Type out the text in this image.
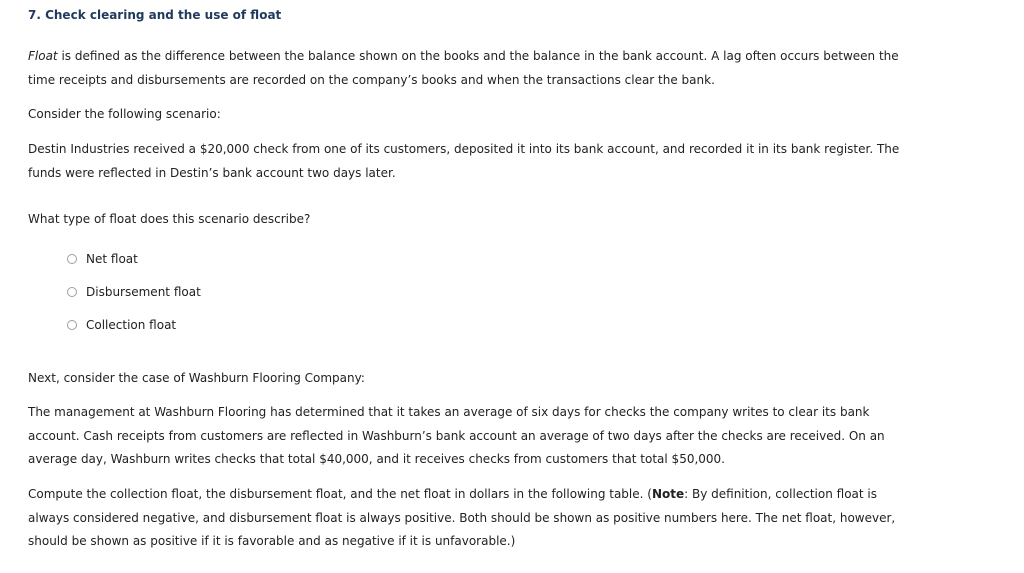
7. Check clearing and the use of float

Float is defined as the difference between the balance shown on the books and the balance in the bank account. A lag often occurs between the time receipts and disbursements are recorded on the company’s books and when the transactions clear the bank.

Consider the following scenario:

Destin Industries received a $20,000 check from one of its customers, deposited it into its bank account, and recorded it in its bank register. The funds were reflected in Destin’s bank account two days later.

What type of float does this scenario describe?

Net float
Disbursement float
Collection float

Next, consider the case of Washburn Flooring Company:

The management at Washburn Flooring has determined that it takes an average of six days for checks the company writes to clear its bank account. Cash receipts from customers are reflected in Washburn’s bank account an average of two days after the checks are received. On an average day, Washburn writes checks that total $40,000, and it receives checks from customers that total $50,000.

Compute the collection float, the disbursement float, and the net float in dollars in the following table. (Note: By definition, collection float is always considered negative, and disbursement float is always positive. Both should be shown as positive numbers here. The net float, however, should be shown as positive if it is favorable and as negative if it is unfavorable.)
